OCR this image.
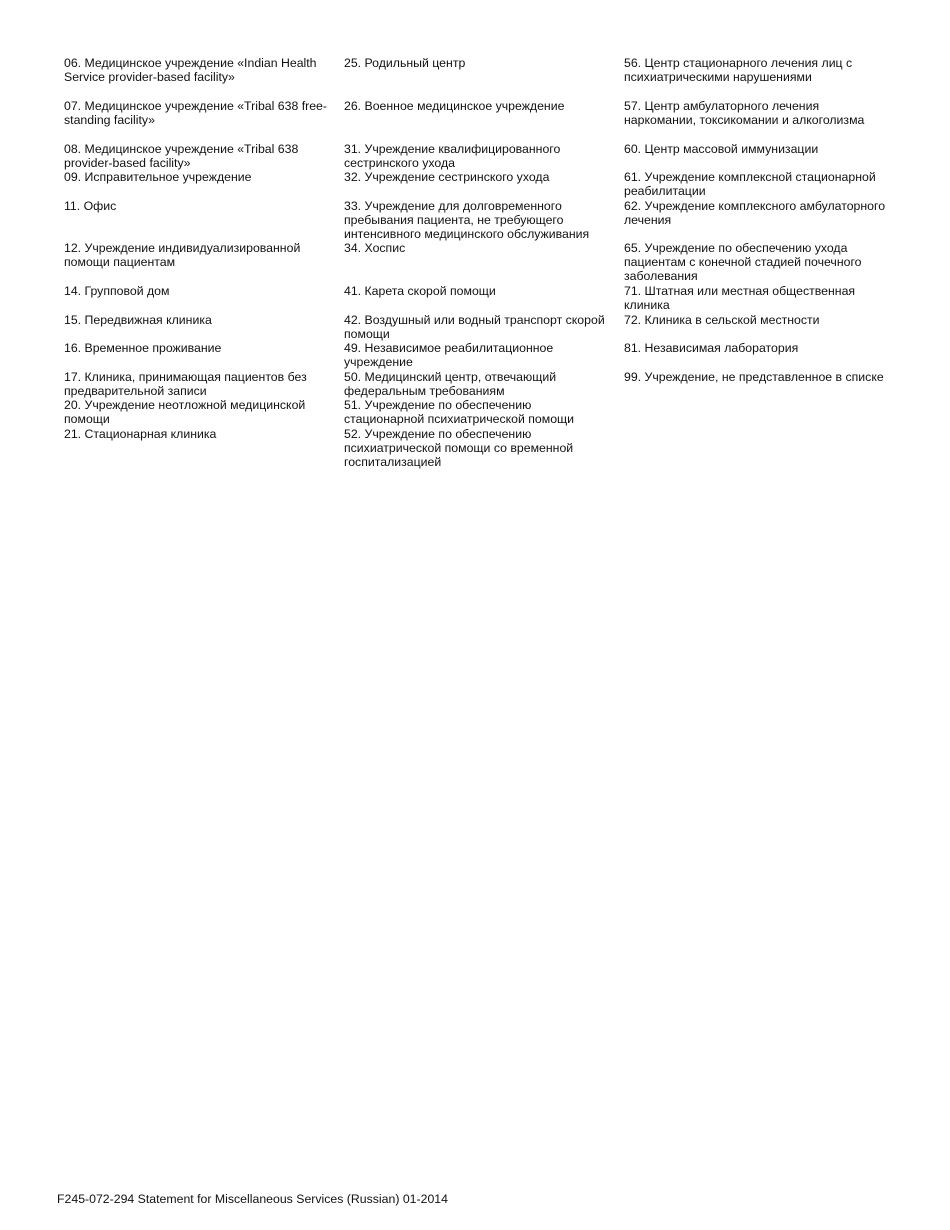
06. Медицинское учреждение «Indian Health Service provider-based facility»
07. Медицинское учреждение «Tribal 638 free-standing facility»
08. Медицинское учреждение «Tribal 638 provider-based facility»
09. Исправительное учреждение
11. Офис
12. Учреждение индивидуализированной помощи пациентам
14. Групповой дом
15. Передвижная клиника
16. Временное проживание
17. Клиника, принимающая пациентов без предварительной записи
20. Учреждение неотложной медицинской помощи
21. Стационарная клиника
25. Родильный центр
26. Военное медицинское учреждение
31. Учреждение квалифицированного сестринского ухода
32. Учреждение сестринского ухода
33. Учреждение для долговременного пребывания пациента, не требующего интенсивного медицинского обслуживания
34. Хоспис
41. Карета скорой помощи
42. Воздушный или водный транспорт скорой помощи
49. Независимое реабилитационное учреждение
50. Медицинский центр, отвечающий федеральным требованиям
51. Учреждение по обеспечению стационарной психиатрической помощи
52. Учреждение по обеспечению психиатрической помощи со временной госпитализацией
56. Центр стационарного лечения лиц с психиатрическими нарушениями
57. Центр амбулаторного лечения наркомании, токсикомании и алкоголизма
60. Центр массовой иммунизации
61. Учреждение комплексной стационарной реабилитации
62. Учреждение комплексного амбулаторного лечения
65. Учреждение по обеспечению ухода пациентам с конечной стадией почечного заболевания
71. Штатная или местная общественная клиника
72. Клиника в сельской местности
81. Независимая лаборатория
99. Учреждение, не представленное в списке
F245-072-294 Statement for Miscellaneous Services (Russian) 01-2014
